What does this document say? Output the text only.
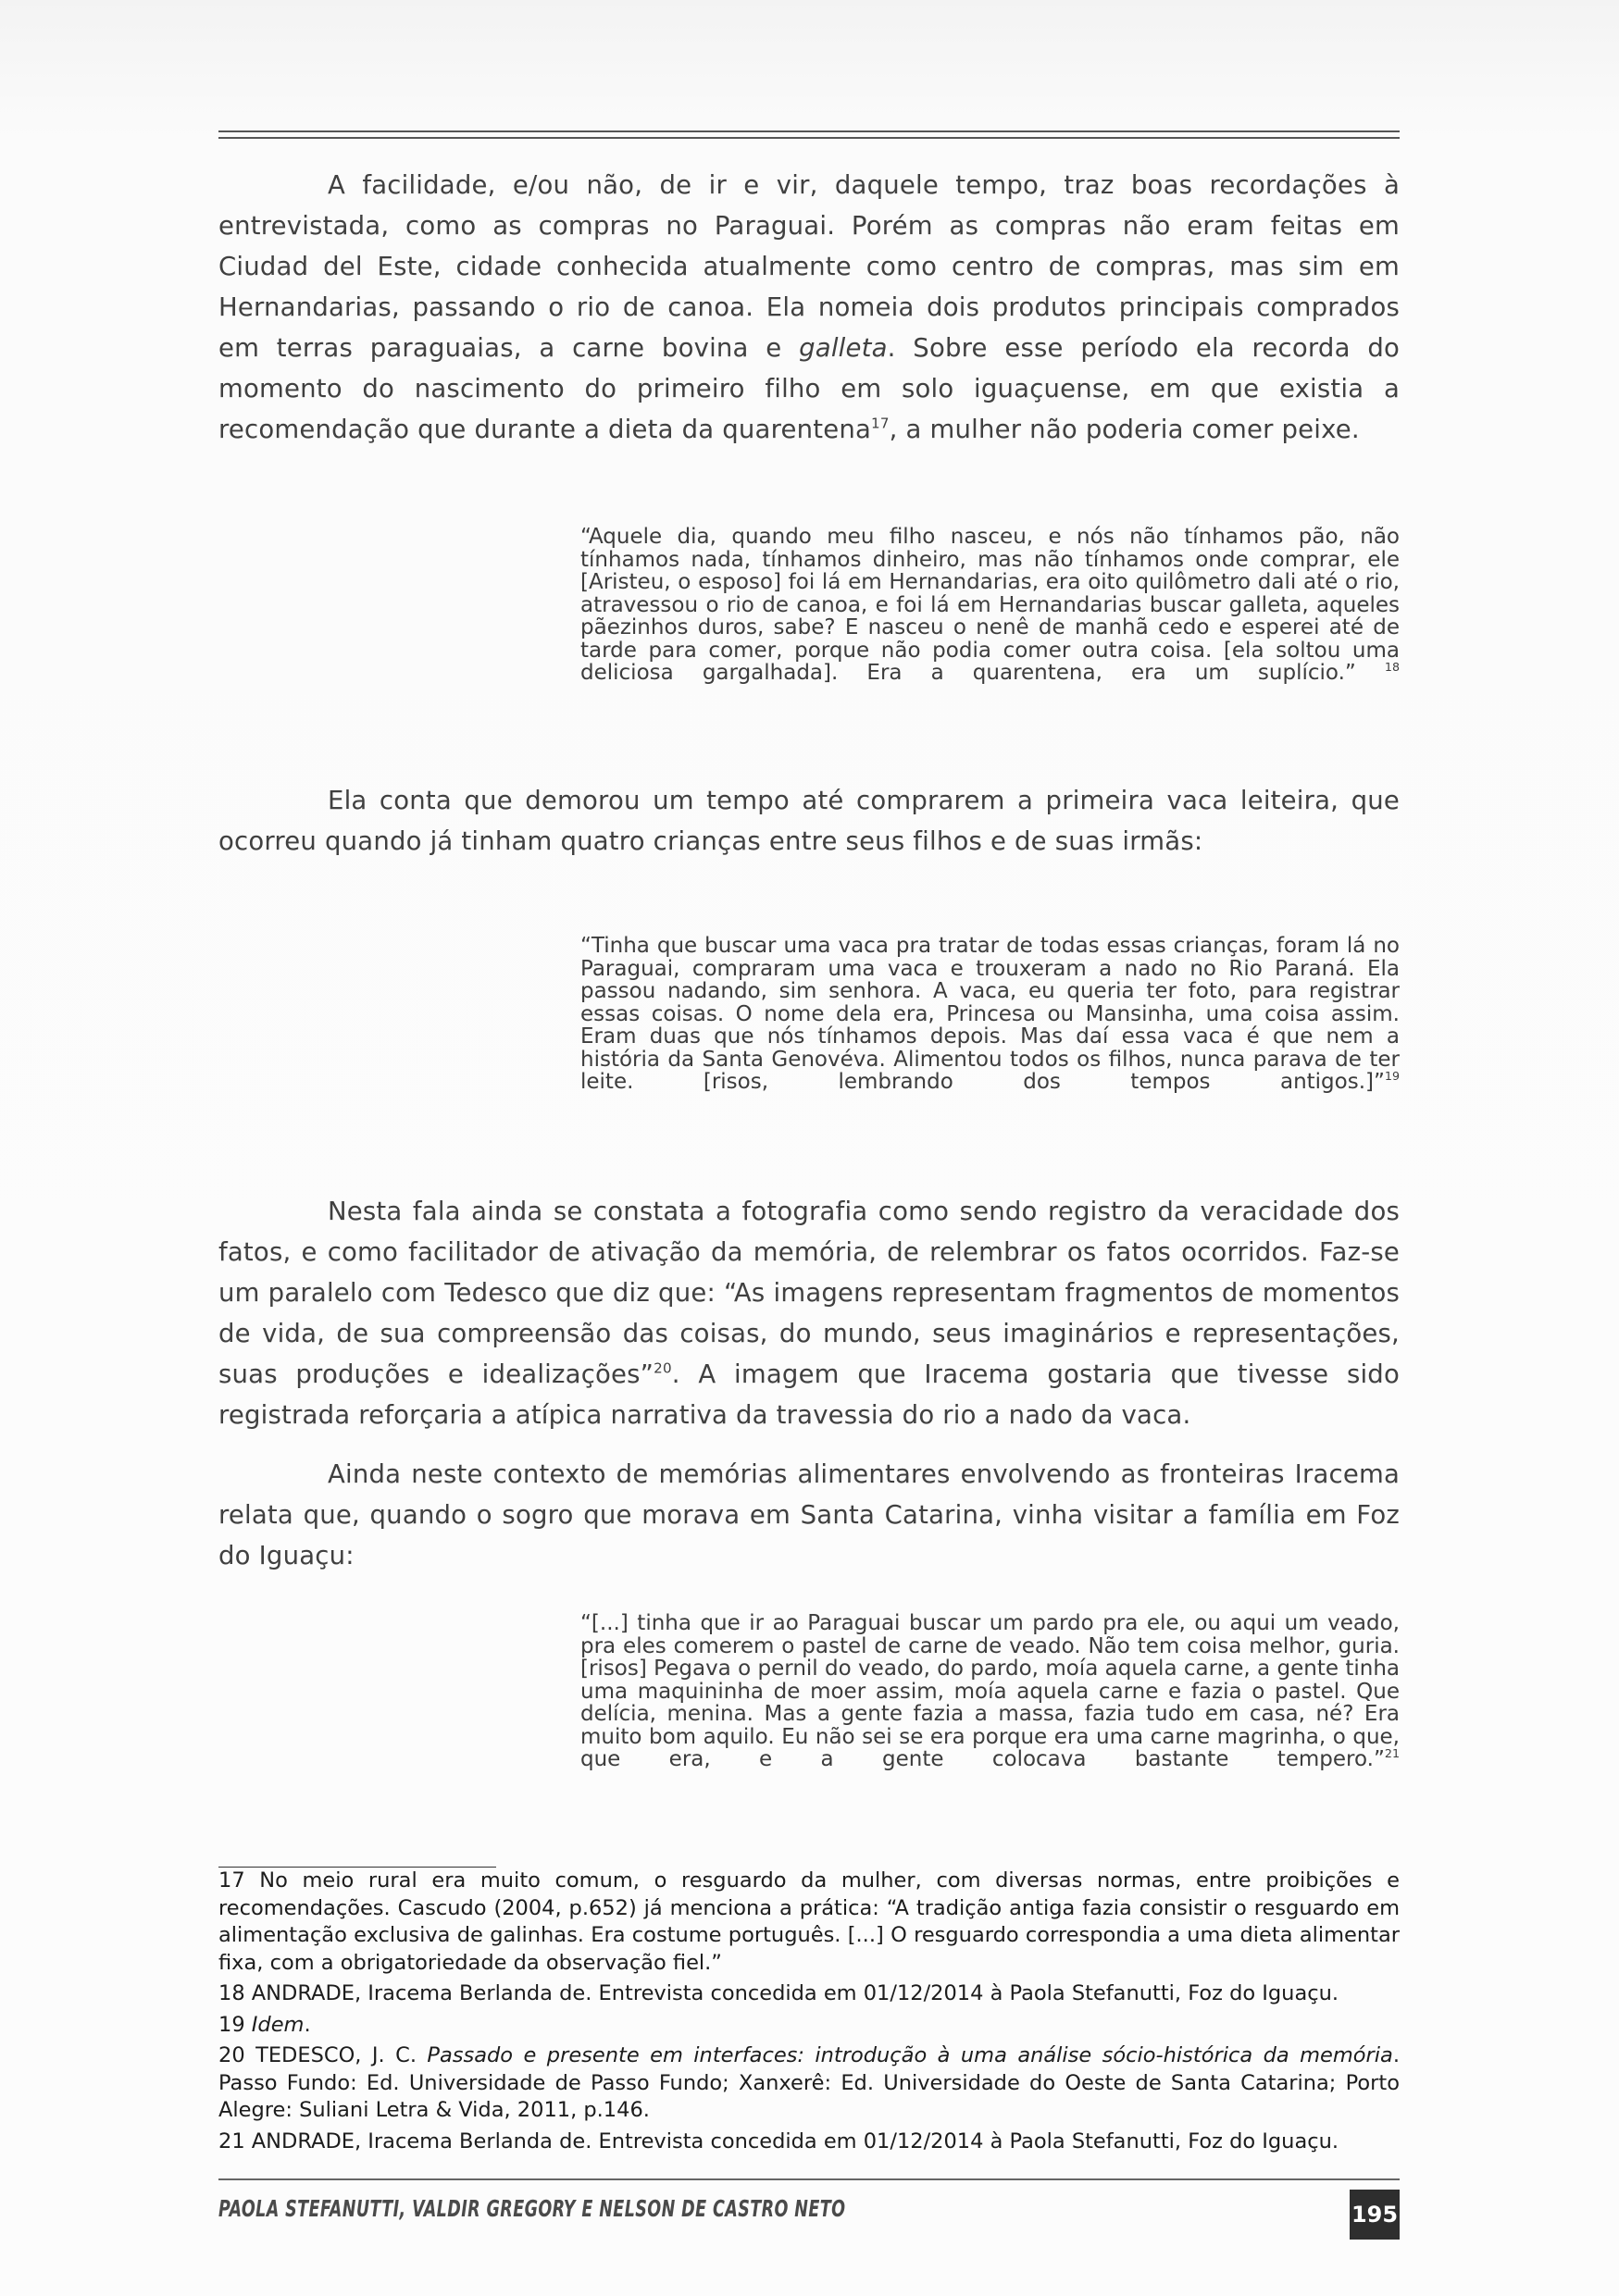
A facilidade, e/ou não, de ir e vir, daquele tempo, traz boas recordações à entrevistada, como as compras no Paraguai. Porém as compras não eram feitas em Ciudad del Este, cidade conhecida atualmente como centro de compras, mas sim em Hernandarias, passando o rio de canoa. Ela nomeia dois produtos principais comprados em terras paraguaias, a carne bovina e galleta. Sobre esse período ela recorda do momento do nascimento do primeiro filho em solo iguaçuense, em que existia a recomendação que durante a dieta da quarentena$^{17}$, a mulher não poderia comer peixe.

“Aquele dia, quando meu filho nasceu, e nós não tínhamos pão, não tínhamos nada, tínhamos dinheiro, mas não tínhamos onde comprar, ele [Aristeu, o esposo] foi lá em Hernandarias, era oito quilômetro dali até o rio, atravessou o rio de canoa, e foi lá em Hernandarias buscar galleta, aqueles pãezinhos duros, sabe? E nasceu o nenê de manhã cedo e esperei até de tarde para comer, porque não podia comer outra coisa. [ela soltou uma deliciosa gargalhada]. Era a quarentena, era um suplício.” $^{18}$

Ela conta que demorou um tempo até comprarem a primeira vaca leiteira, que ocorreu quando já tinham quatro crianças entre seus filhos e de suas irmãs:

“Tinha que buscar uma vaca pra tratar de todas essas crianças, foram lá no Paraguai, compraram uma vaca e trouxeram a nado no Rio Paraná. Ela passou nadando, sim senhora. A vaca, eu queria ter foto, para registrar essas coisas. O nome dela era, Princesa ou Mansinha, uma coisa assim. Eram duas que nós tínhamos depois. Mas daí essa vaca é que nem a história da Santa Genovéva. Alimentou todos os filhos, nunca parava de ter leite. [risos, lembrando dos tempos antigos.]”$^{19}$

Nesta fala ainda se constata a fotografia como sendo registro da veracidade dos fatos, e como facilitador de ativação da memória, de relembrar os fatos ocorridos. Faz-se um paralelo com Tedesco que diz que: “As imagens representam fragmentos de momentos de vida, de sua compreensão das coisas, do mundo, seus imaginários e representações, suas produções e idealizações”$^{20}$. A imagem que Iracema gostaria que tivesse sido registrada reforçaria a atípica narrativa da travessia do rio a nado da vaca.

Ainda neste contexto de memórias alimentares envolvendo as fronteiras Iracema relata que, quando o sogro que morava em Santa Catarina, vinha visitar a família em Foz do Iguaçu:

“[...] tinha que ir ao Paraguai buscar um pardo pra ele, ou aqui um veado, pra eles comerem o pastel de carne de veado. Não tem coisa melhor, guria. [risos] Pegava o pernil do veado, do pardo, moía aquela carne, a gente tinha uma maquininha de moer assim, moía aquela carne e fazia o pastel. Que delícia, menina. Mas a gente fazia a massa, fazia tudo em casa, né? Era muito bom aquilo. Eu não sei se era porque era uma carne magrinha, o que, que era, e a gente colocava bastante tempero.”$^{21}$

17 No meio rural era muito comum, o resguardo da mulher, com diversas normas, entre proibições e recomendações. Cascudo (2004, p.652) já menciona a prática: “A tradição antiga fazia consistir o resguardo em alimentação exclusiva de galinhas. Era costume português. [...] O resguardo correspondia a uma dieta alimentar fixa, com a obrigatoriedade da observação fiel.”

18 ANDRADE, Iracema Berlanda de. Entrevista concedida em 01/12/2014 à Paola Stefanutti, Foz do Iguaçu.

19 Idem.

20 TEDESCO, J. C. Passado e presente em interfaces: introdução à uma análise sócio-histórica da memória. Passo Fundo: Ed. Universidade de Passo Fundo; Xanxerê: Ed. Universidade do Oeste de Santa Catarina; Porto Alegre: Suliani Letra & Vida, 2011, p.146.

21 ANDRADE, Iracema Berlanda de. Entrevista concedida em 01/12/2014 à Paola Stefanutti, Foz do Iguaçu.

PAOLA STEFANUTTI, VALDIR GREGORY E NELSON DE CASTRO NETO	195
